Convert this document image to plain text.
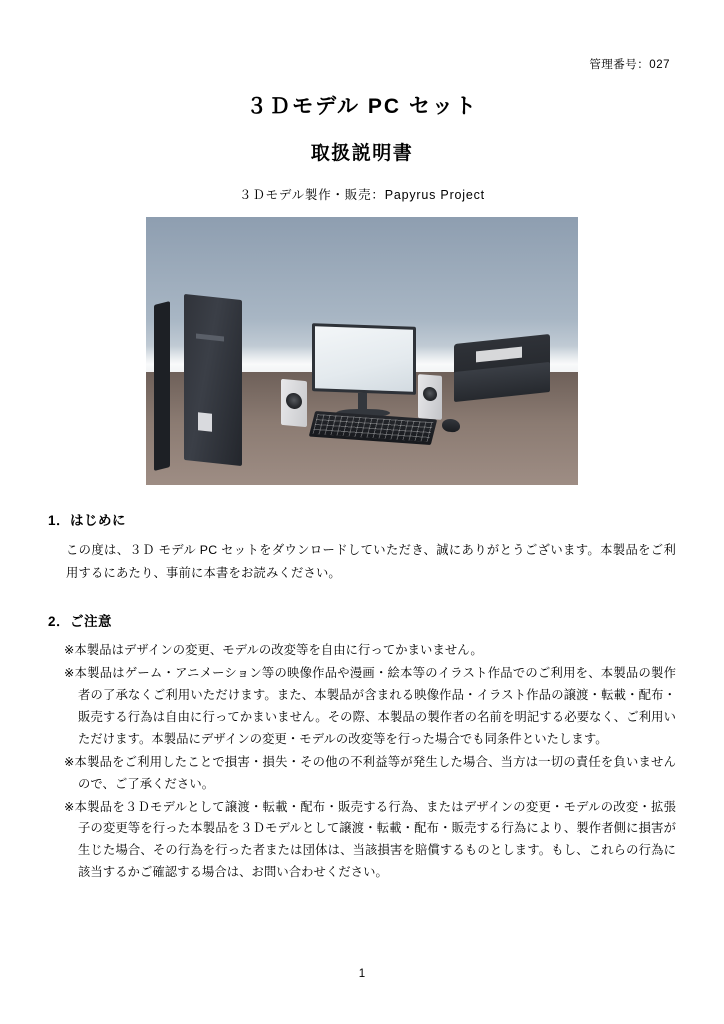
管理番号：027
３Ｄモデル PC セット
取扱説明書
３Ｄモデル製作・販売：Papyrus Project
1．はじめに

この度は、３Ｄ モデル PC セットをダウンロードしていただき、誠にありがとうございます。本製品をご利用するにあたり、事前に本書をお読みください。

2．ご注意
※本製品はデザインの変更、モデルの改変等を自由に行ってかまいません。
※本製品はゲーム・アニメーション等の映像作品や漫画・絵本等のイラスト作品でのご利用を、本製品の製作者の了承なくご利用いただけます。また、本製品が含まれる映像作品・イラスト作品の譲渡・転載・配布・販売する行為は自由に行ってかまいません。その際、本製品の製作者の名前を明記する必要なく、ご利用いただけます。本製品にデザインの変更・モデルの改変等を行った場合でも同条件といたします。
※本製品をご利用したことで損害・損失・その他の不利益等が発生した場合、当方は一切の責任を負いませんので、ご了承ください。
※本製品を３Ｄモデルとして譲渡・転載・配布・販売する行為、またはデザインの変更・モデルの改変・拡張子の変更等を行った本製品を３Ｄモデルとして譲渡・転載・配布・販売する行為により、製作者側に損害が生じた場合、その行為を行った者または団体は、当該損害を賠償するものとします。もし、これらの行為に該当するかご確認する場合は、お問い合わせください。
1
